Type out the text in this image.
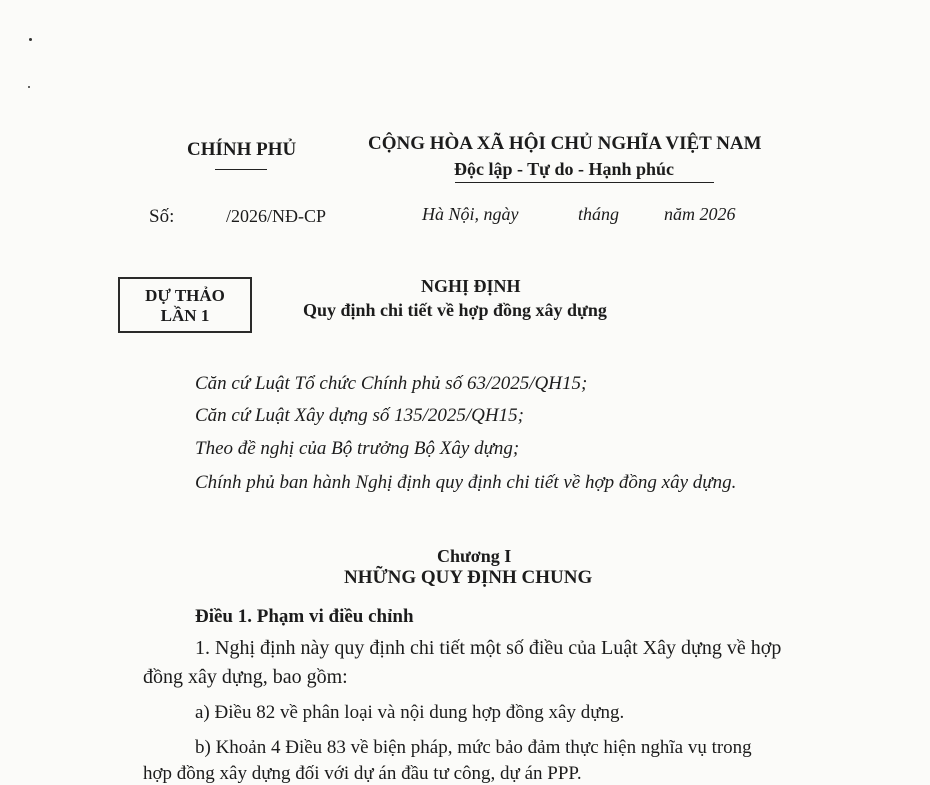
CHÍNH PHỦ	CỘNG HÒA XÃ HỘI CHỦ NGHĨA VIỆT NAM
Độc lập - Tự do - Hạnh phúc
Số:	/2026/NĐ-CP	Hà Nội, ngày	tháng năm 2026
DỰ THẢO
LẦN 1
NGHỊ ĐỊNH
Quy định chi tiết về hợp đồng xây dựng
Căn cứ Luật Tổ chức Chính phủ số 63/2025/QH15;
Căn cứ Luật Xây dựng số 135/2025/QH15;
Theo đề nghị của Bộ trưởng Bộ Xây dựng;
Chính phủ ban hành Nghị định quy định chi tiết về hợp đồng xây dựng.
Chương I
NHỮNG QUY ĐỊNH CHUNG
Điều 1. Phạm vi điều chỉnh
1. Nghị định này quy định chi tiết một số điều của Luật Xây dựng về hợp
đồng xây dựng, bao gồm:
a) Điều 82 về phân loại và nội dung hợp đồng xây dựng.
b) Khoản 4 Điều 83 về biện pháp, mức bảo đảm thực hiện nghĩa vụ trong
hợp đồng xây dựng đối với dự án đầu tư công, dự án PPP.
